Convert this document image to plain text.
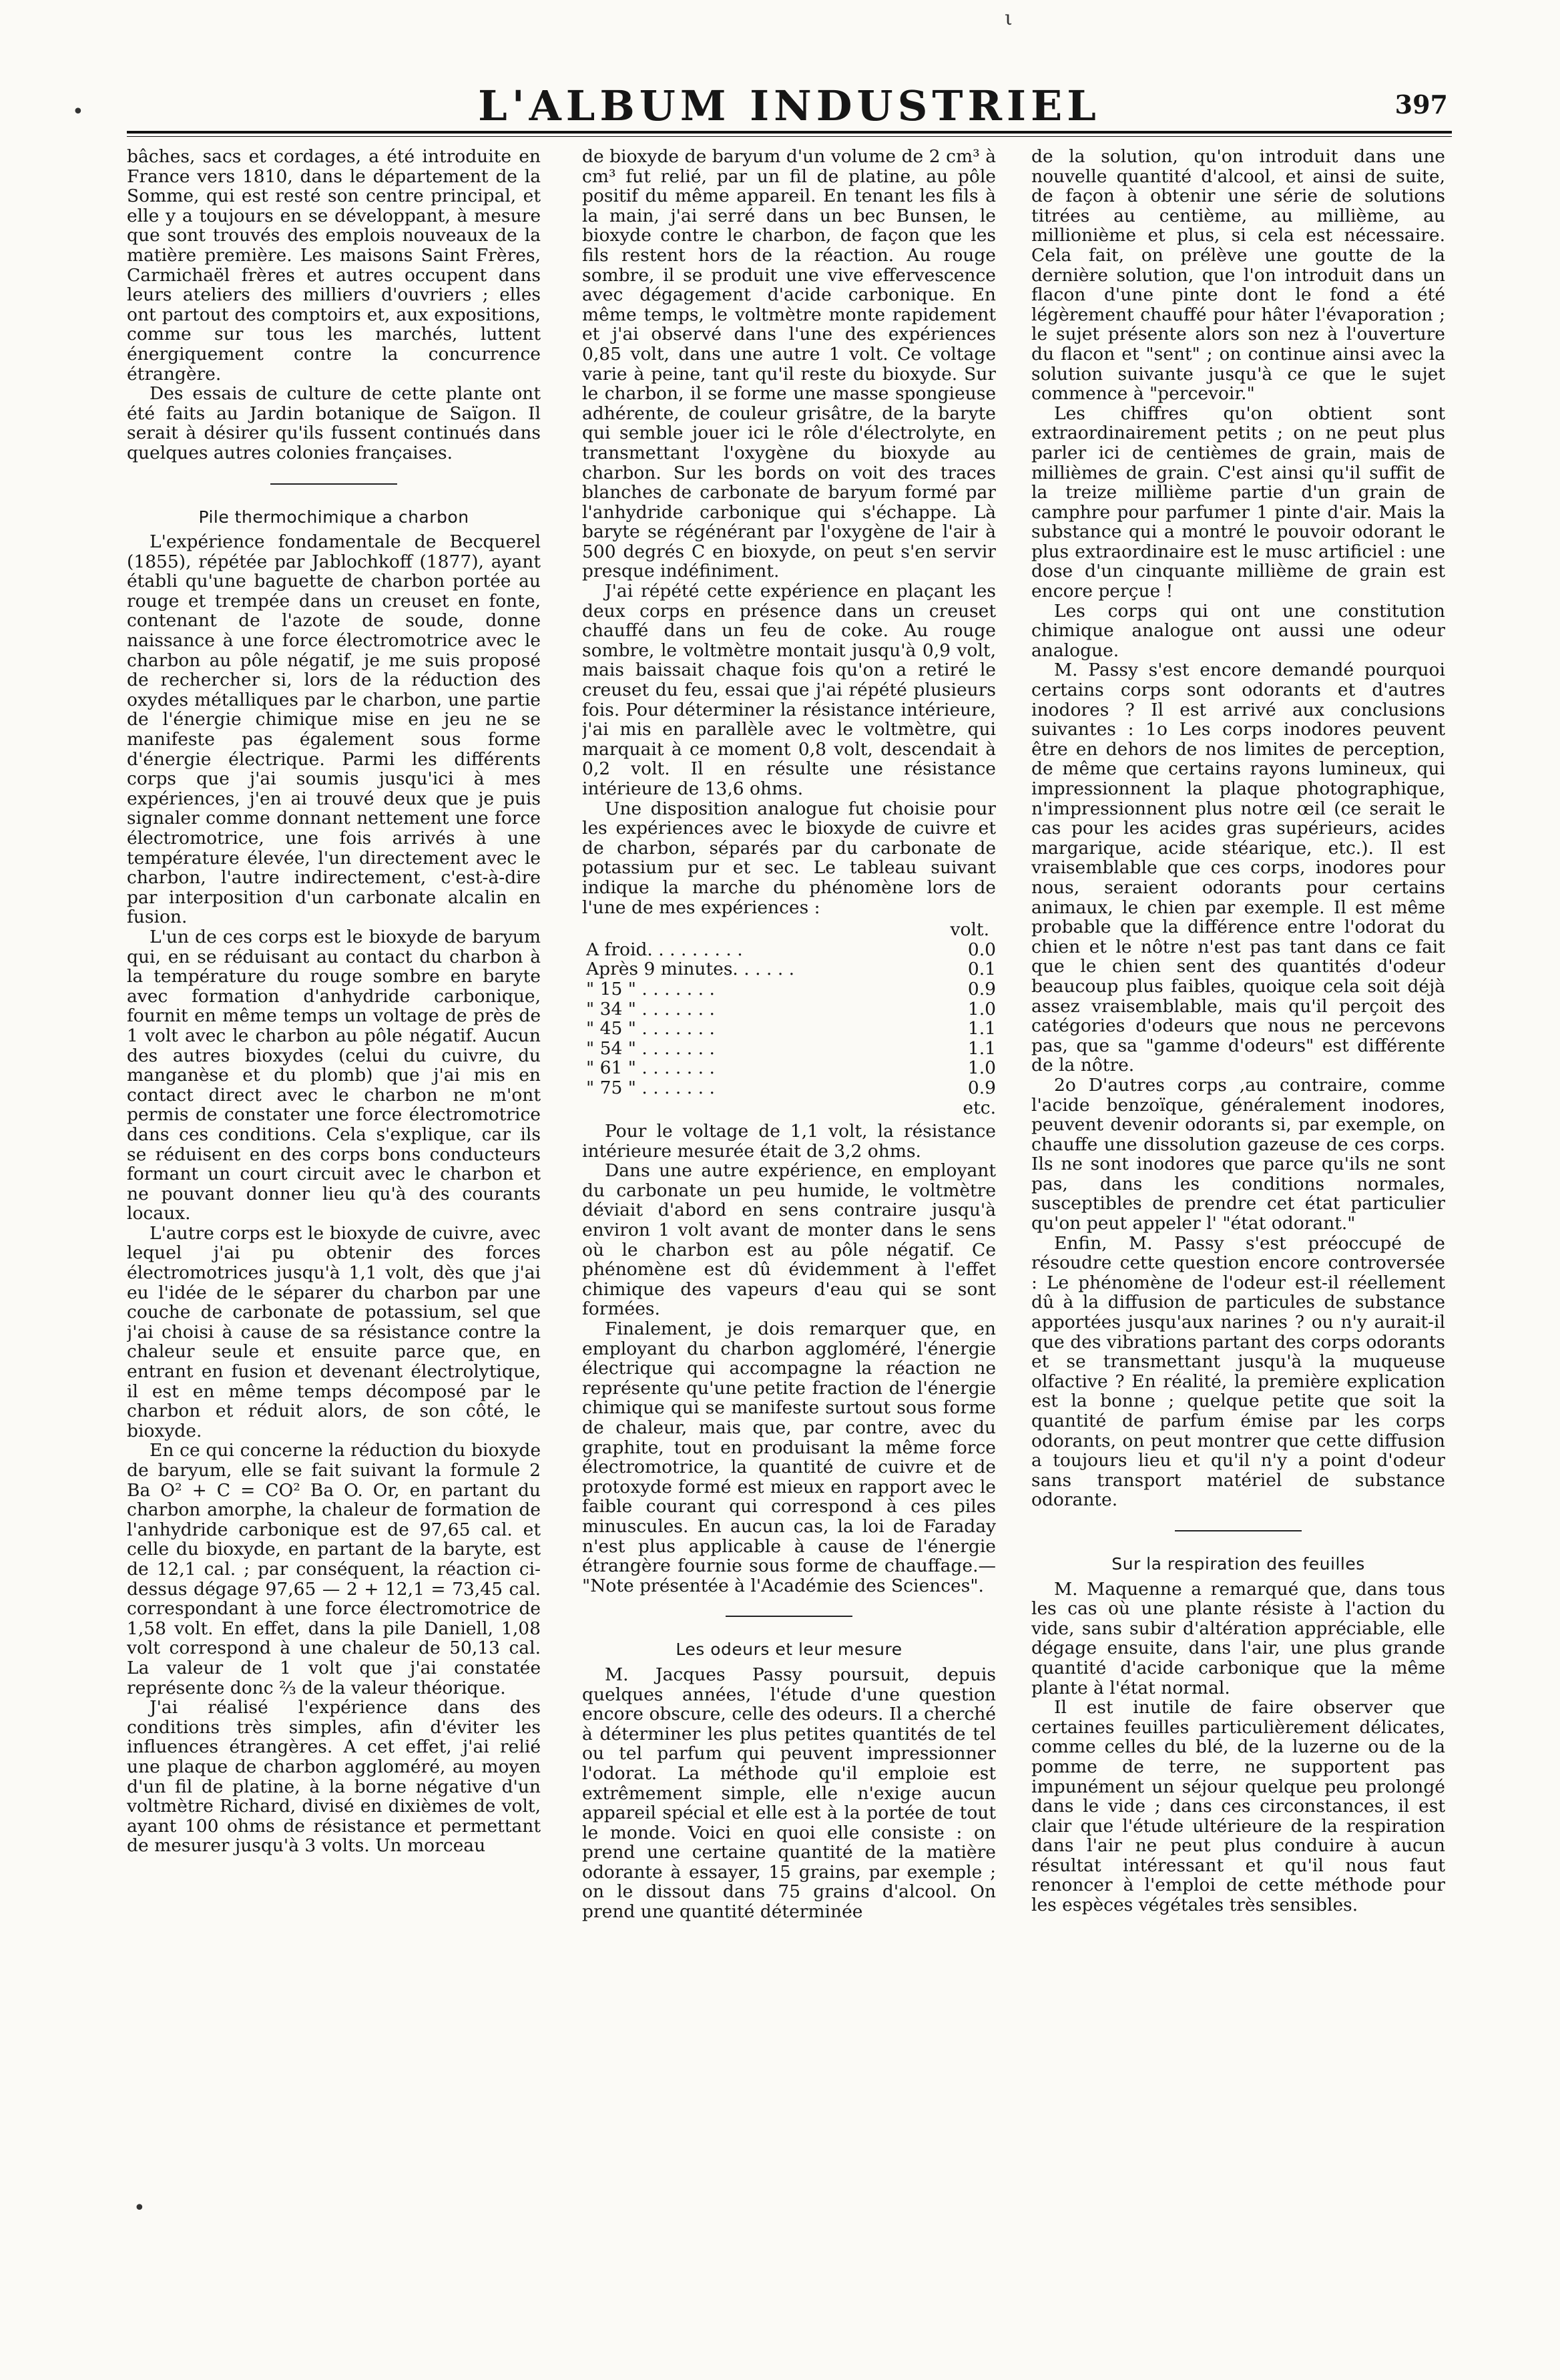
L'ALBUM INDUSTRIEL	397

bâches, sacs et cordages, a été introduite en France vers 1810, dans le département de la Somme, qui est resté son centre principal, et elle y a toujours en se développant, à mesure que sont trouvés des emplois nouveaux de la matière première. Les maisons Saint Frères, Carmichaël frères et autres occupent dans leurs ateliers des milliers d'ouvriers ; elles ont partout des comptoirs et, aux expositions, comme sur tous les marchés, luttent énergiquement contre la concurrence étrangère.

Des essais de culture de cette plante ont été faits au Jardin botanique de Saïgon. Il serait à désirer qu'ils fussent continués dans quelques autres colonies françaises.

Pile thermochimique a charbon

L'expérience fondamentale de Becquerel (1855), répétée par Jablochkoff (1877), ayant établi qu'une baguette de charbon portée au rouge et trempée dans un creuset en fonte, contenant de l'azote de soude, donne naissance à une force électromotrice avec le charbon au pôle négatif, je me suis proposé de rechercher si, lors de la réduction des oxydes métalliques par le charbon, une partie de l'énergie chimique mise en jeu ne se manifeste pas également sous forme d'énergie électrique. Parmi les différents corps que j'ai soumis jusqu'ici à mes expériences, j'en ai trouvé deux que je puis signaler comme donnant nettement une force électromotrice, une fois arrivés à une température élevée, l'un directement avec le charbon, l'autre indirectement, c'est-à-dire par interposition d'un carbonate alcalin en fusion.

L'un de ces corps est le bioxyde de baryum qui, en se réduisant au contact du charbon à la température du rouge sombre en baryte avec formation d'anhydride carbonique, fournit en même temps un voltage de près de 1 volt avec le charbon au pôle négatif. Aucun des autres bioxydes (celui du cuivre, du manganèse et du plomb) que j'ai mis en contact direct avec le charbon ne m'ont permis de constater une force électromotrice dans ces conditions. Cela s'explique, car ils se réduisent en des corps bons conducteurs formant un court circuit avec le charbon et ne pouvant donner lieu qu'à des courants locaux.

L'autre corps est le bioxyde de cuivre, avec lequel j'ai pu obtenir des forces électromotrices jusqu'à 1,1 volt, dès que j'ai eu l'idée de le séparer du charbon par une couche de carbonate de potassium, sel que j'ai choisi à cause de sa résistance contre la chaleur seule et ensuite parce que, en entrant en fusion et devenant électrolytique, il est en même temps décomposé par le charbon et réduit alors, de son côté, le bioxyde.

En ce qui concerne la réduction du bioxyde de baryum, elle se fait suivant la formule 2 Ba O² + C = CO² Ba O. Or, en partant du charbon amorphe, la chaleur de formation de l'anhydride carbonique est de 97,65 cal. et celle du bioxyde, en partant de la baryte, est de 12,1 cal. ; par conséquent, la réaction ci-dessus dégage 97,65 — 2 + 12,1 = 73,45 cal. correspondant à une force électromotrice de 1,58 volt. En effet, dans la pile Daniell, 1,08 volt correspond à une chaleur de 50,13 cal. La valeur de 1 volt que j'ai constatée représente donc ⅔ de la valeur théorique.

J'ai réalisé l'expérience dans des conditions très simples, afin d'éviter les influences étrangères. A cet effet, j'ai relié une plaque de charbon aggloméré, au moyen d'un fil de platine, à la borne négative d'un voltmètre Richard, divisé en dixièmes de volt, ayant 100 ohms de résistance et permettant de mesurer jusqu'à 3 volts. Un morceau

de bioxyde de baryum d'un volume de 2 cm³ à cm³ fut relié, par un fil de platine, au pôle positif du même appareil. En tenant les fils à la main, j'ai serré dans un bec Bunsen, le bioxyde contre le charbon, de façon que les fils restent hors de la réaction. Au rouge sombre, il se produit une vive effervescence avec dégagement d'acide carbonique. En même temps, le voltmètre monte rapidement et j'ai observé dans l'une des expériences 0,85 volt, dans une autre 1 volt. Ce voltage varie à peine, tant qu'il reste du bioxyde. Sur le charbon, il se forme une masse spongieuse adhérente, de couleur grisâtre, de la baryte qui semble jouer ici le rôle d'électrolyte, en transmettant l'oxygène du bioxyde au charbon. Sur les bords on voit des traces blanches de carbonate de baryum formé par l'anhydride carbonique qui s'échappe. Là baryte se régénérant par l'oxygène de l'air à 500 degrés C en bioxyde, on peut s'en servir presque indéfiniment.

J'ai répété cette expérience en plaçant les deux corps en présence dans un creuset chauffé dans un feu de coke. Au rouge sombre, le voltmètre montait jusqu'à 0,9 volt, mais baissait chaque fois qu'on a retiré le creuset du feu, essai que j'ai répété plusieurs fois. Pour déterminer la résistance intérieure, j'ai mis en parallèle avec le voltmètre, qui marquait à ce moment 0,8 volt, descendait à 0,2 volt. Il en résulte une résistance intérieure de 13,6 ohms.

Une disposition analogue fut choisie pour les expériences avec le bioxyde de cuivre et de charbon, séparés par du carbonate de potassium pur et sec. Le tableau suivant indique la marche du phénomène lors de l'une de mes expériences :

volt.
A froid. . . . . . . . .	0.0
Après 9 minutes. . . . . .	0.1
" 15 " . . . . . . .	0.9
" 34 " . . . . . . .	1.0
" 45 " . . . . . . .	1.1
" 54 " . . . . . . .	1.1
" 61 " . . . . . . .	1.0
" 75 " . . . . . . .	0.9 etc.

Pour le voltage de 1,1 volt, la résistance intérieure mesurée était de 3,2 ohms.

Dans une autre expérience, en employant du carbonate un peu humide, le voltmètre déviait d'abord en sens contraire jusqu'à environ 1 volt avant de monter dans le sens où le charbon est au pôle négatif. Ce phénomène est dû évidemment à l'effet chimique des vapeurs d'eau qui se sont formées.

Finalement, je dois remarquer que, en employant du charbon aggloméré, l'énergie électrique qui accompagne la réaction ne représente qu'une petite fraction de l'énergie chimique qui se manifeste surtout sous forme de chaleur, mais que, par contre, avec du graphite, tout en produisant la même force électromotrice, la quantité de cuivre et de protoxyde formé est mieux en rapport avec le faible courant qui correspond à ces piles minuscules. En aucun cas, la loi de Faraday n'est plus applicable à cause de l'énergie étrangère fournie sous forme de chauffage.— "Note présentée à l'Académie des Sciences".

Les odeurs et leur mesure

M. Jacques Passy poursuit, depuis quelques années, l'étude d'une question encore obscure, celle des odeurs. Il a cherché à déterminer les plus petites quantités de tel ou tel parfum qui peuvent impressionner l'odorat. La méthode qu'il emploie est extrêmement simple, elle n'exige aucun appareil spécial et elle est à la portée de tout le monde. Voici en quoi elle consiste : on prend une certaine quantité de la matière odorante à essayer, 15 grains, par exemple ; on le dissout dans 75 grains d'alcool. On prend une quantité déterminée

de la solution, qu'on introduit dans une nouvelle quantité d'alcool, et ainsi de suite, de façon à obtenir une série de solutions titrées au centième, au millième, au millionième et plus, si cela est nécessaire. Cela fait, on prélève une goutte de la dernière solution, que l'on introduit dans un flacon d'une pinte dont le fond a été légèrement chauffé pour hâter l'évaporation ; le sujet présente alors son nez à l'ouverture du flacon et "sent" ; on continue ainsi avec la solution suivante jusqu'à ce que le sujet commence à "percevoir."

Les chiffres qu'on obtient sont extraordinairement petits ; on ne peut plus parler ici de centièmes de grain, mais de millièmes de grain. C'est ainsi qu'il suffit de la treize millième partie d'un grain de camphre pour parfumer 1 pinte d'air. Mais la substance qui a montré le pouvoir odorant le plus extraordinaire est le musc artificiel : une dose d'un cinquante millième de grain est encore perçue !

Les corps qui ont une constitution chimique analogue ont aussi une odeur analogue.

M. Passy s'est encore demandé pourquoi certains corps sont odorants et d'autres inodores ? Il est arrivé aux conclusions suivantes : 1o Les corps inodores peuvent être en dehors de nos limites de perception, de même que certains rayons lumineux, qui impressionnent la plaque photographique, n'impressionnent plus notre œil (ce serait le cas pour les acides gras supérieurs, acides margarique, acide stéarique, etc.). Il est vraisemblable que ces corps, inodores pour nous, seraient odorants pour certains animaux, le chien par exemple. Il est même probable que la différence entre l'odorat du chien et le nôtre n'est pas tant dans ce fait que le chien sent des quantités d'odeur beaucoup plus faibles, quoique cela soit déjà assez vraisemblable, mais qu'il perçoit des catégories d'odeurs que nous ne percevons pas, que sa "gamme d'odeurs" est différente de la nôtre.

2o D'autres corps ,au contraire, comme l'acide benzoïque, généralement inodores, peuvent devenir odorants si, par exemple, on chauffe une dissolution gazeuse de ces corps. Ils ne sont inodores que parce qu'ils ne sont pas, dans les conditions normales, susceptibles de prendre cet état particulier qu'on peut appeler l' "état odorant."

Enfin, M. Passy s'est préoccupé de résoudre cette question encore controversée : Le phénomène de l'odeur est-il réellement dû à la diffusion de particules de substance apportées jusqu'aux narines ? ou n'y aurait-il que des vibrations partant des corps odorants et se transmettant jusqu'à la muqueuse olfactive ? En réalité, la première explication est la bonne ; quelque petite que soit la quantité de parfum émise par les corps odorants, on peut montrer que cette diffusion a toujours lieu et qu'il n'y a point d'odeur sans transport matériel de substance odorante.

Sur la respiration des feuilles

M. Maquenne a remarqué que, dans tous les cas où une plante résiste à l'action du vide, sans subir d'altération appréciable, elle dégage ensuite, dans l'air, une plus grande quantité d'acide carbonique que la même plante à l'état normal.

Il est inutile de faire observer que certaines feuilles particulièrement délicates, comme celles du blé, de la luzerne ou de la pomme de terre, ne supportent pas impunément un séjour quelque peu prolongé dans le vide ; dans ces circonstances, il est clair que l'étude ultérieure de la respiration dans l'air ne peut plus conduire à aucun résultat intéressant et qu'il nous faut renoncer à l'emploi de cette méthode pour les espèces végétales très sensibles.

ι
•
•
